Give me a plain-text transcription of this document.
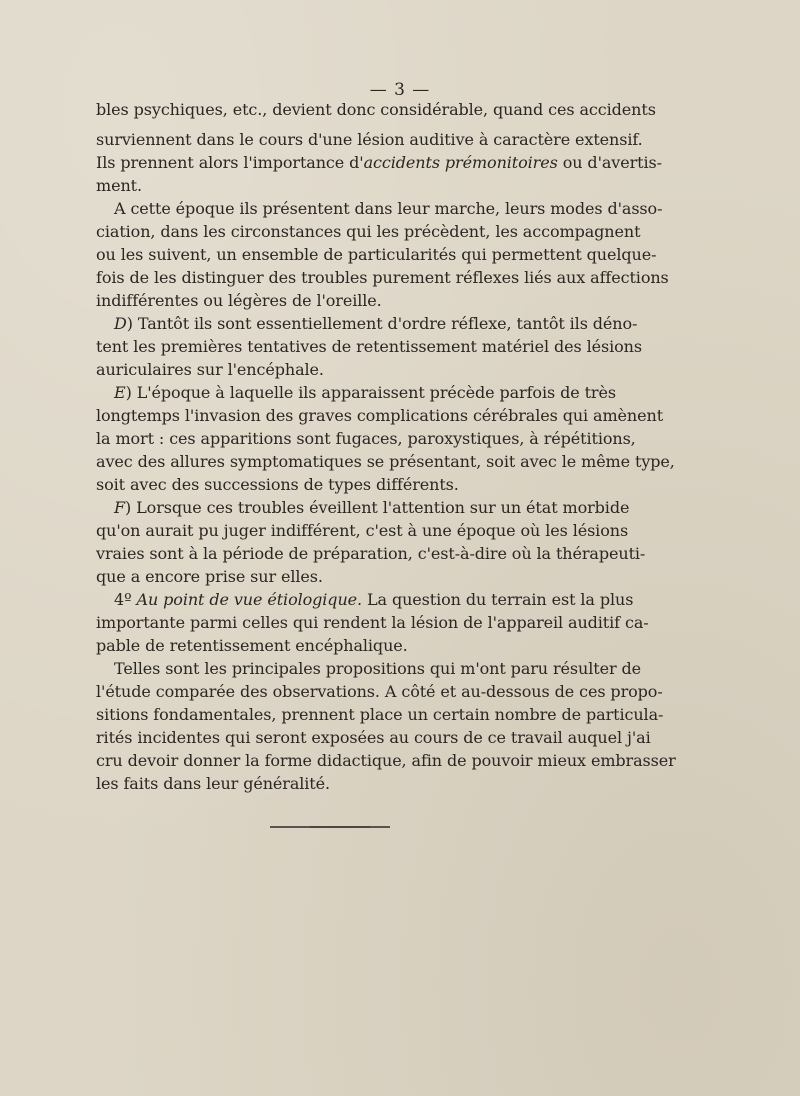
— 3 —
bles psychiques, etc., devient donc considérable, quand ces accidents
surviennent dans le cours d'une lésion auditive à caractère extensif.
Ils prennent alors l'importance d'accidents prémonitoires ou d'avertis-
ment.
A cette époque ils présentent dans leur marche, leurs modes d'asso-
ciation, dans les circonstances qui les précèdent, les accompagnent
ou les suivent, un ensemble de particularités qui permettent quelque-
fois de les distinguer des troubles purement réflexes liés aux affections
indifférentes ou légères de l'oreille.
D) Tantôt ils sont essentiellement d'ordre réflexe, tantôt ils déno-
tent les premières tentatives de retentissement matériel des lésions
auriculaires sur l'encéphale.
E) L'époque à laquelle ils apparaissent précède parfois de très
longtemps l'invasion des graves complications cérébrales qui amènent
la mort : ces apparitions sont fugaces, paroxystiques, à répétitions,
avec des allures symptomatiques se présentant, soit avec le même type,
soit avec des successions de types différents.
F) Lorsque ces troubles éveillent l'attention sur un état morbide
qu'on aurait pu juger indifférent, c'est à une époque où les lésions
vraies sont à la période de préparation, c'est-à-dire où la thérapeuti-
que a encore prise sur elles.
4º Au point de vue étiologique. La question du terrain est la plus
importante parmi celles qui rendent la lésion de l'appareil auditif ca-
pable de retentissement encéphalique.
Telles sont les principales propositions qui m'ont paru résulter de
l'étude comparée des observations. A côté et au-dessous de ces propo-
sitions fondamentales, prennent place un certain nombre de particula-
rités incidentes qui seront exposées au cours de ce travail auquel j'ai
cru devoir donner la forme didactique, afin de pouvoir mieux embrasser
les faits dans leur généralité.
